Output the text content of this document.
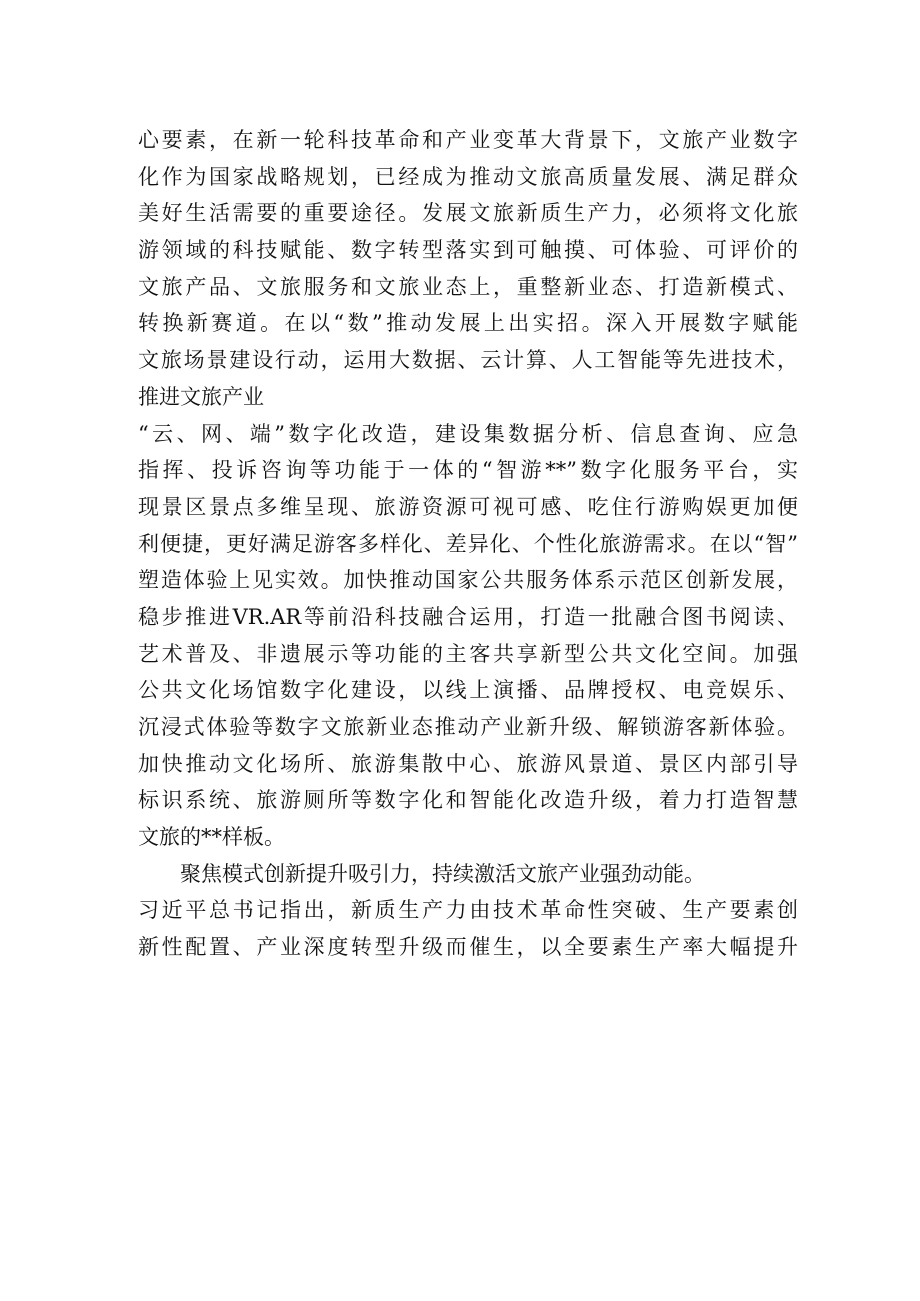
心要素，在新一轮科技革命和产业变革大背景下，文旅产业数字
化作为国家战略规划，已经成为推动文旅高质量发展、满足群众
美好生活需要的重要途径。发展文旅新质生产力，必须将文化旅
游领域的科技赋能、数字转型落实到可触摸、可体验、可评价的
文旅产品、文旅服务和文旅业态上，重整新业态、打造新模式、
转换新赛道。在以“数”推动发展上出实招。深入开展数字赋能
文旅场景建设行动，运用大数据、云计算、人工智能等先进技术，
推进文旅产业
“云、网、端”数字化改造，建设集数据分析、信息查询、应急
指挥、投诉咨询等功能于一体的“智游**”数字化服务平台，实
现景区景点多维呈现、旅游资源可视可感、吃住行游购娱更加便
利便捷，更好满足游客多样化、差异化、个性化旅游需求。在以“智”
塑造体验上见实效。加快推动国家公共服务体系示范区创新发展，
稳步推进VR.AR等前沿科技融合运用，打造一批融合图书阅读、
艺术普及、非遗展示等功能的主客共享新型公共文化空间。加强
公共文化场馆数字化建设，以线上演播、品牌授权、电竞娱乐、
沉浸式体验等数字文旅新业态推动产业新升级、解锁游客新体验。
加快推动文化场所、旅游集散中心、旅游风景道、景区内部引导
标识系统、旅游厕所等数字化和智能化改造升级，着力打造智慧
文旅的**样板。
聚焦模式创新提升吸引力，持续激活文旅产业强劲动能。
习近平总书记指出，新质生产力由技术革命性突破、生产要素创
新性配置、产业深度转型升级而催生，以全要素生产率大幅提升
